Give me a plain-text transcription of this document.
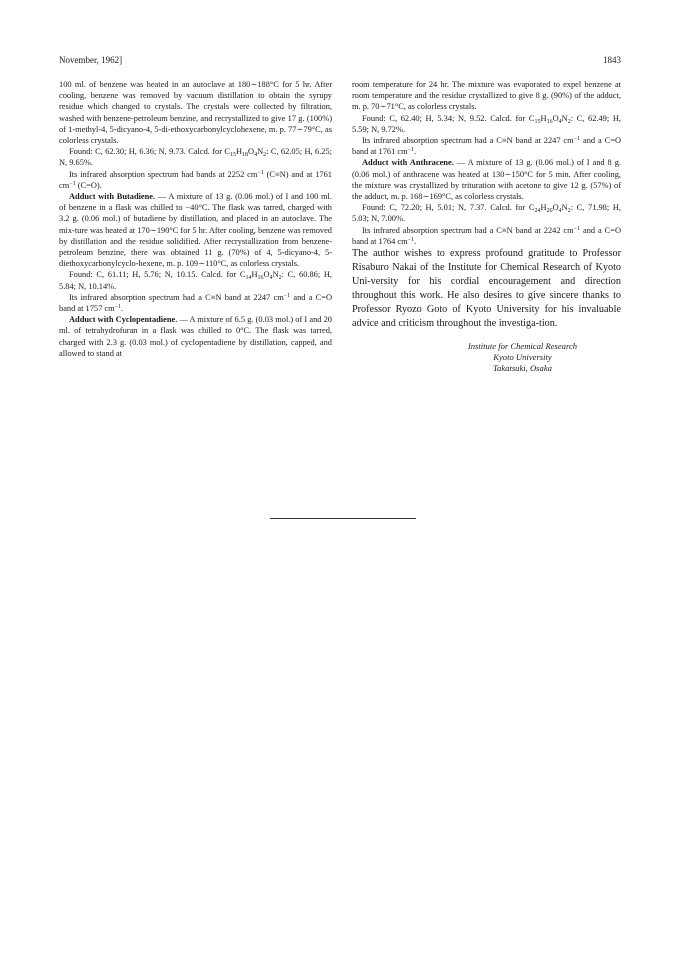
November, 1962]	1843

100 ml. of benzene was heated in an autoclave at 180∼188°C for 5 hr. After cooling, benzene was removed by vacuum distillation to obtain the syrupy residue which changed to crystals. The crystals were collected by filtration, washed with benzene-petroleum benzine, and recrystallized to give 17 g. (100%) of 1-methyl-4, 5-dicyano-4, 5-di-ethoxycarbonylcyclohexene, m. p. 77∼79°C, as colorless crystals.

Found: C, 62.30; H, 6.36; N, 9.73. Calcd. for $C_{15}H_{18}O_4N_2$: C, 62.05; H, 6.25; N, 9.65%.

Its infrared absorption spectrum had bands at 2252 $cm^{-1}$ (C≡N) and at 1761 $cm^{-1}$ (C=O).

Adduct with Butadiene. — A mixture of 13 g. (0.06 mol.) of I and 100 ml. of benzene in a flask was chilled to −40°C. The flask was tarred, charged with 3.2 g. (0.06 mol.) of butadiene by distillation, and placed in an autoclave. The mix-ture was heated at 170∼190°C for 5 hr. After cooling, benzene was removed by distillation and the residue solidified. After recrystallization from benzene-petroleum benzine, there was obtained 11 g. (70%) of 4, 5-dicyano-4, 5-diethoxycarbonylcyclo-hexene, m. p. 109∼110°C, as colorless crystals.

Found: C, 61.11; H, 5.76; N, 10.15. Calcd. for $C_{14}H_{16}O_4N_2$: C, 60.86; H, 5.84; N, 10.14%.

Its infrared absorption spectrum had a C≡N band at 2247 $cm^{-1}$ and a C=O band at 1757 $cm^{-1}$.

Adduct with Cyclopentadiene. — A mixture of 6.5 g. (0.03 mol.) of I and 20 ml. of tetrahydrofuran in a flask was chilled to 0°C. The flask was tarred, charged with 2.3 g. (0.03 mol.) of cyclopentadiene by distillation, capped, and allowed to stand at

room temperature for 24 hr. The mixture was evaporated to expel benzene at room temperature and the residue crystallized to give 8 g. (90%) of the adduct, m. p. 70∼71°C, as colorless crystals.

Found: C, 62.40; H, 5.34; N, 9.52. Calcd. for $C_{15}H_{16}O_4N_2$: C, 62.49; H, 5.59; N, 9.72%.

Its infrared absorption spectrum had a C≡N band at 2247 $cm^{-1}$ and a C=O band at 1761 $cm^{-1}$.

Adduct with Anthracene. — A mixture of 13 g. (0.06 mol.) of I and 8 g. (0.06 mol.) of anthracene was heated at 130∼150°C for 5 min. After cooling, the mixture was crystallized by trituration with acetone to give 12 g. (57%) of the adduct, m. p. 168∼169°C, as colorless crystals.

Found: C, 72.20; H, 5.01; N, 7.37. Calcd. for $C_{24}H_{20}O_4N_2$: C, 71.98; H, 5.03; N, 7.00%.

Its infrared absorption spectrum had a C≡N band at 2242 $cm^{-1}$ and a C=O band at 1764 $cm^{-1}$.

The author wishes to express profound gratitude to Professor Risaburo Nakai of the Institute for Chemical Research of Kyoto Uni-versity for his cordial encouragement and direction throughout this work. He also desires to give sincere thanks to Professor Ryozo Goto of Kyoto University for his invaluable advice and criticism throughout the investiga-tion.

Institute for Chemical Research
Kyoto University
Takatsuki, Osaka
